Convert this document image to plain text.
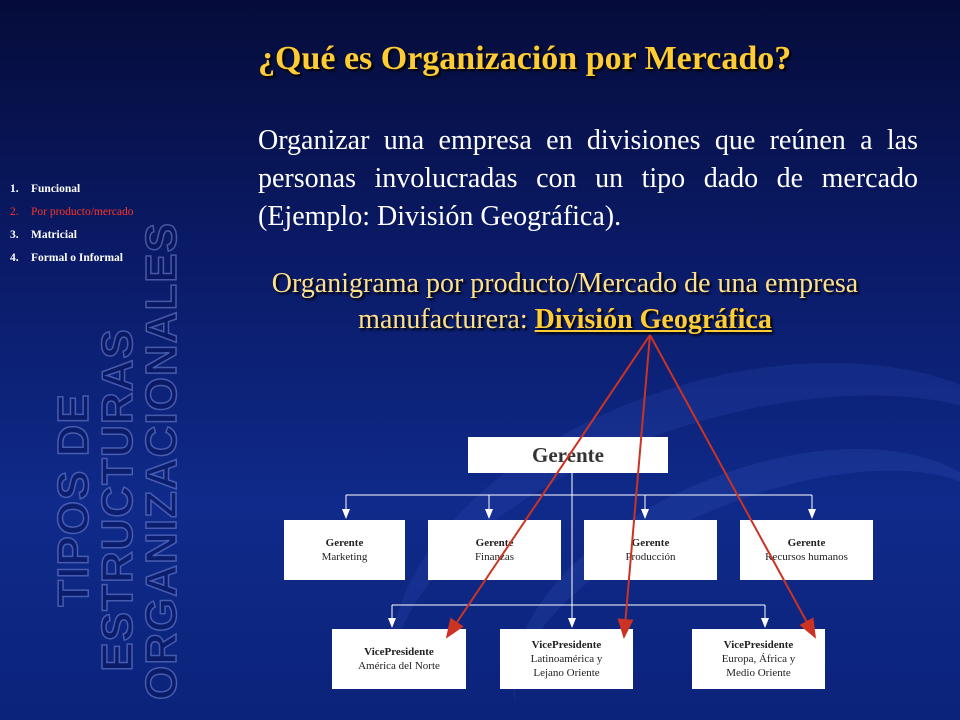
¿Qué es Organización por Mercado?

Organizar una empresa en divisiones que reúnen a las personas involucradas con un tipo dado de mercado (Ejemplo: División Geográfica).

1. Funcional
2. Por producto/mercado
3. Matricial
4. Formal o Informal
TIPOS DE
ESTRUCTURAS
ORGANIZACIONALES	Organigrama por producto/Mercado de una empresa
manufacturera: División Geográfica
Gerente
Gerente
Marketing
Gerente
Finanzas
Gerente
Producción
Gerente
Recursos humanos
VicePresidente
América del Norte
VicePresidente
Latinoamérica y
Lejano Oriente
VicePresidente
Europa, África y
Medio Oriente
